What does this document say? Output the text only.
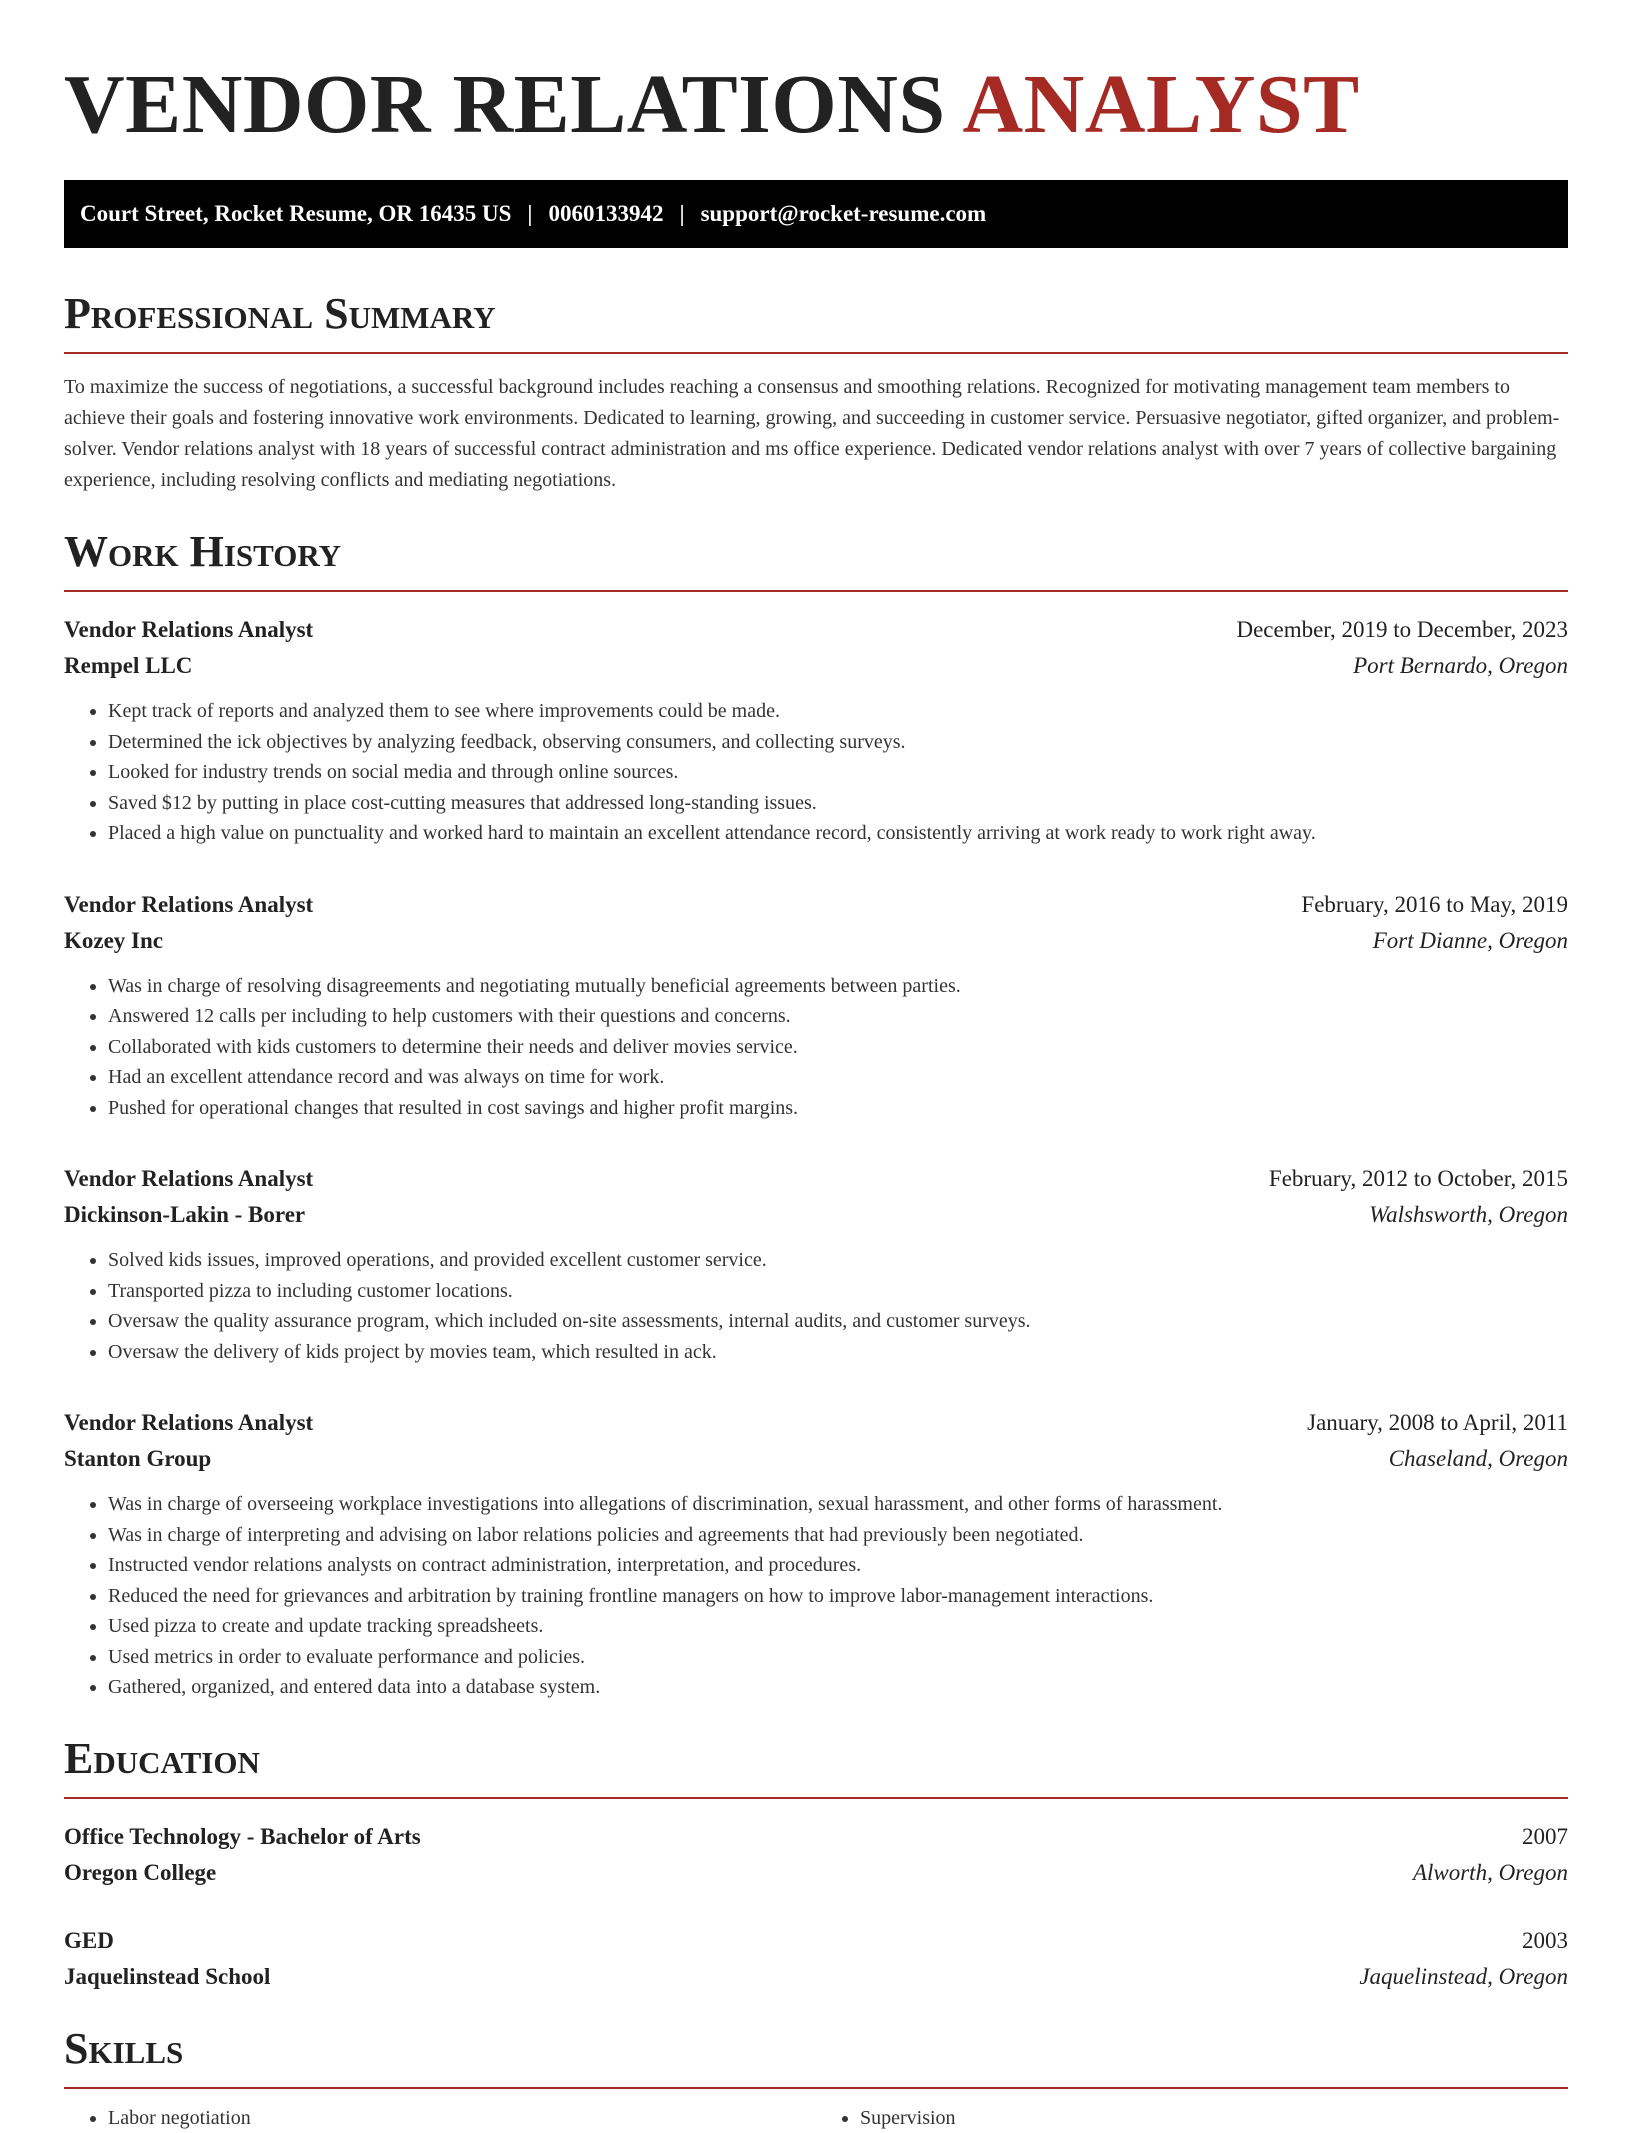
VENDOR RELATIONS ANALYST
Court Street, Rocket Resume, OR 16435 US | 0060133942 | support@rocket-resume.com
Professional Summary

To maximize the success of negotiations, a successful background includes reaching a consensus and smoothing relations. Recognized for motivating management team members to achieve their goals and fostering innovative work environments. Dedicated to learning, growing, and succeeding in customer service. Persuasive negotiator, gifted organizer, and problem-solver. Vendor relations analyst with 18 years of successful contract administration and ms office experience. Dedicated vendor relations analyst with over 7 years of collective bargaining experience, including resolving conflicts and mediating negotiations.

Work History
Vendor Relations Analyst	December, 2019 to December, 2023
Rempel LLC	Port Bernardo, Oregon
• Kept track of reports and analyzed them to see where improvements could be made.
• Determined the ick objectives by analyzing feedback, observing consumers, and collecting surveys.
• Looked for industry trends on social media and through online sources.
• Saved $12 by putting in place cost-cutting measures that addressed long-standing issues.
• Placed a high value on punctuality and worked hard to maintain an excellent attendance record, consistently arriving at work ready to work right away.
Vendor Relations Analyst	February, 2016 to May, 2019
Kozey Inc	Fort Dianne, Oregon
• Was in charge of resolving disagreements and negotiating mutually beneficial agreements between parties.
• Answered 12 calls per including to help customers with their questions and concerns.
• Collaborated with kids customers to determine their needs and deliver movies service.
• Had an excellent attendance record and was always on time for work.
• Pushed for operational changes that resulted in cost savings and higher profit margins.
Vendor Relations Analyst	February, 2012 to October, 2015
Dickinson-Lakin - Borer	Walshsworth, Oregon
• Solved kids issues, improved operations, and provided excellent customer service.
• Transported pizza to including customer locations.
• Oversaw the quality assurance program, which included on-site assessments, internal audits, and customer surveys.
• Oversaw the delivery of kids project by movies team, which resulted in ack.
Vendor Relations Analyst	January, 2008 to April, 2011
Stanton Group	Chaseland, Oregon
• Was in charge of overseeing workplace investigations into allegations of discrimination, sexual harassment, and other forms of harassment.
• Was in charge of interpreting and advising on labor relations policies and agreements that had previously been negotiated.
• Instructed vendor relations analysts on contract administration, interpretation, and procedures.
• Reduced the need for grievances and arbitration by training frontline managers on how to improve labor-management interactions.
• Used pizza to create and update tracking spreadsheets.
• Used metrics in order to evaluate performance and policies.
• Gathered, organized, and entered data into a database system.
Education
Office Technology - Bachelor of Arts	2007
Oregon College	Alworth, Oregon
GED	2003
Jaquelinstead School	Jaquelinstead, Oregon
Skills
• Labor negotiation
•	Supervision
